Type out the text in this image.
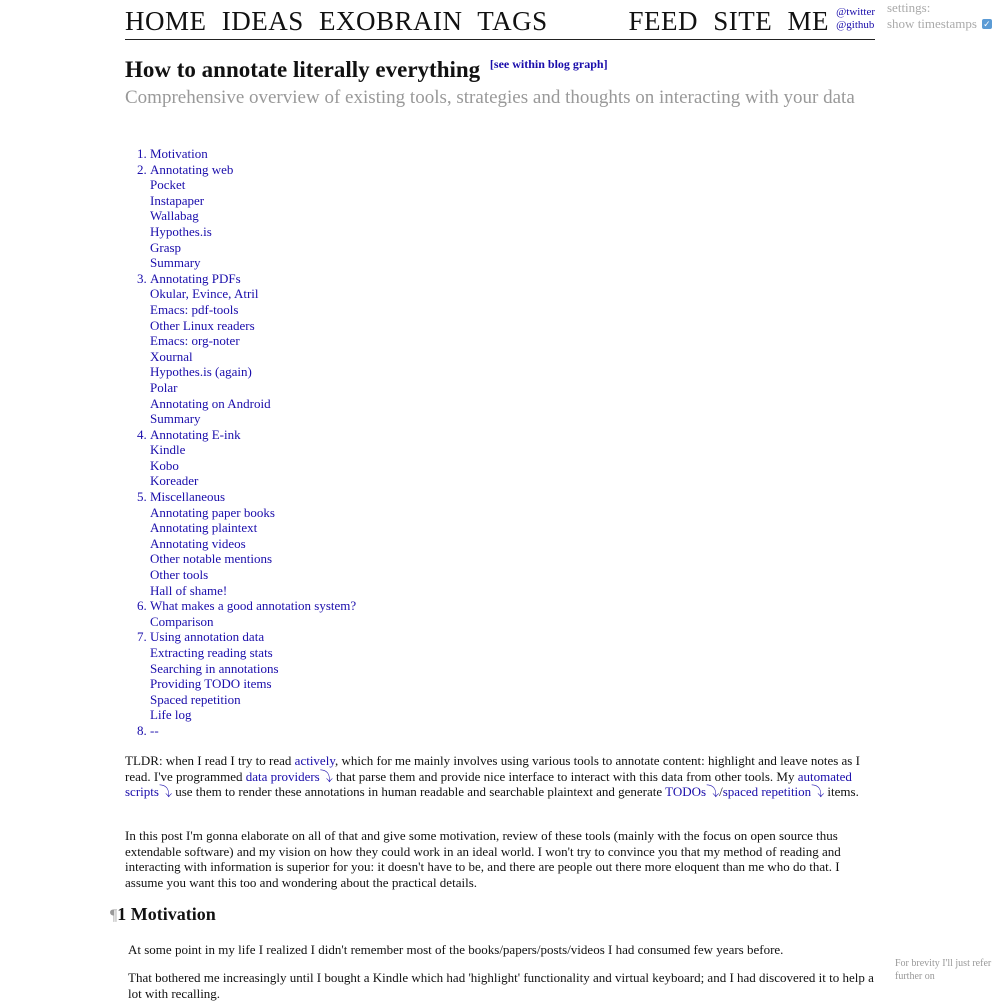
HOME IDEAS EXOBRAIN TAGS	FEED SITE ME @twitter
@github
settings:
show timestamps ✓
How to annotate literally everything [see within blog graph]
Comprehensive overview of existing tools, strategies and thoughts on interacting with your data
1. Motivation
2. Annotating web
Pocket
Instapaper
Wallabag
Hypothes.is
Grasp
Summary
3. Annotating PDFs
Okular, Evince, Atril
Emacs: pdf-tools
Other Linux readers
Emacs: org-noter
Xournal
Hypothes.is (again)
Polar
Annotating on Android
Summary
4. Annotating E-ink
Kindle
Kobo
Koreader
5. Miscellaneous
Annotating paper books
Annotating plaintext
Annotating videos
Other notable mentions
Other tools
Hall of shame!
6. What makes a good annotation system?
Comparison
7. Using annotation data
Extracting reading stats
Searching in annotations
Providing TODO items
Spaced repetition
Life log
8. --
TLDR: when I read I try to read actively, which for me mainly involves using various tools to annotate content: highlight and leave notes as I read. I've programmed data providers⤵ that parse them and provide nice interface to interact with this data from other tools. My automated scripts⤵ use them to render these annotations in human readable and searchable plaintext and generate TODOs⤵/spaced repetition⤵ items.
In this post I'm gonna elaborate on all of that and give some motivation, review of these tools (mainly with the focus on open source thus extendable software) and my vision on how they could work in an ideal world. I won't try to convince you that my method of reading and interacting with information is superior for you: it doesn't have to be, and there are people out there more eloquent than me who do that. I assume you want this too and wondering about the practical details.
¶1 Motivation
At some point in my life I realized I didn't remember most of the books/papers/posts/videos I had consumed few years before.
That bothered me increasingly until I bought a Kindle which had 'highlight' functionality and virtual keyboard; and I had discovered it to help a lot with recalling.
For brevity I'll just refer
further on
